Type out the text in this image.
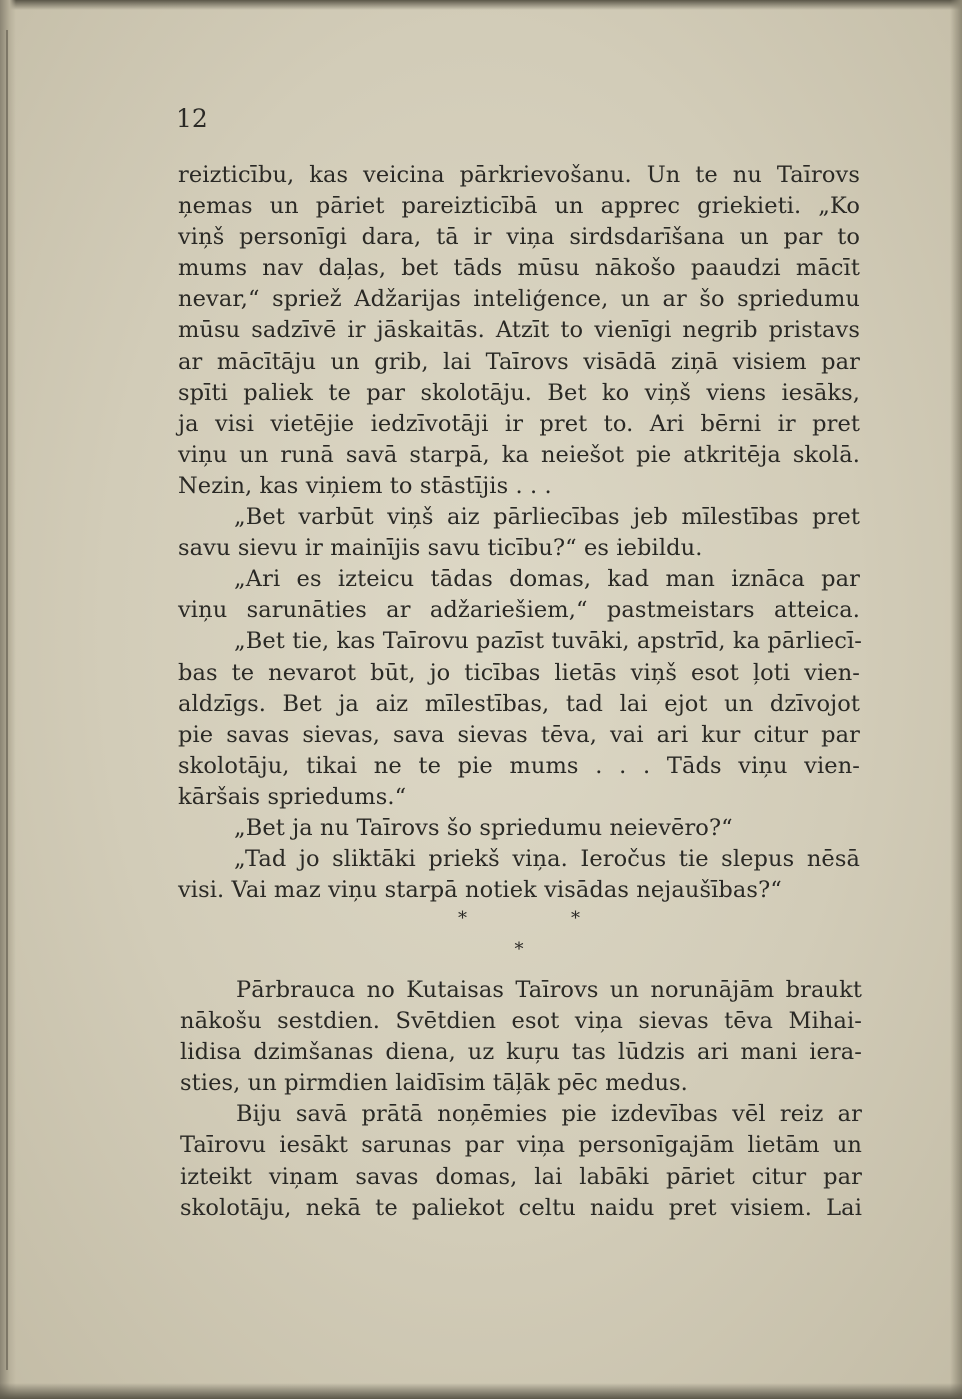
12
reizticību, kas veicina pārkrievošanu. Un te nu Taīrovs
ņemas un pāriet pareizticībā un apprec griekieti. „Ko
viņš personīgi dara, tā ir viņa sirdsdarīšana un par to
mums nav daļas, bet tāds mūsu nākošo paaudzi mācīt
nevar,“ spriež Adžarijas inteliģence, un ar šo spriedumu
mūsu sadzīvē ir jāskaitās. Atzīt to vienīgi negrib pristavs
ar mācītāju un grib, lai Taīrovs visādā ziņā visiem par
spīti paliek te par skolotāju. Bet ko viņš viens iesāks,
ja visi vietējie iedzīvotāji ir pret to. Ari bērni ir pret
viņu un runā savā starpā, ka neiešot pie atkritēja skolā.
Nezin, kas viņiem to stāstījis . . .
„Bet varbūt viņš aiz pārliecības jeb mīlestības pret
savu sievu ir mainījis savu ticību?“ es iebildu.
„Ari es izteicu tādas domas, kad man iznāca par
viņu sarunāties ar adžariešiem,“ pastmeistars atteica.
„Bet tie, kas Taīrovu pazīst tuvāki, apstrīd, ka pārliecī-
bas te nevarot būt, jo ticības lietās viņš esot ļoti vien-
aldzīgs. Bet ja aiz mīlestības, tad lai ejot un dzīvojot
pie savas sievas, sava sievas tēva, vai ari kur citur par
skolotāju, tikai ne te pie mums . . . Tāds viņu vien-
kāršais spriedums.“
„Bet ja nu Taīrovs šo spriedumu neievēro?“
„Tad jo sliktāki priekš viņa. Ieročus tie slepus nēsā
visi. Vai maz viņu starpā notiek visādas nejaušības?“
*	*
*
Pārbrauca no Kutaisas Taīrovs un norunājām braukt
nākošu sestdien. Svētdien esot viņa sievas tēva Mihai-
lidisa dzimšanas diena, uz kuŗu tas lūdzis ari mani iera-
sties, un pirmdien laidīsim tāļāk pēc medus.
Biju savā prātā noņēmies pie izdevības vēl reiz ar
Taīrovu iesākt sarunas par viņa personīgajām lietām un
izteikt viņam savas domas, lai labāki pāriet citur par
skolotāju, nekā te paliekot celtu naidu pret visiem. Lai
